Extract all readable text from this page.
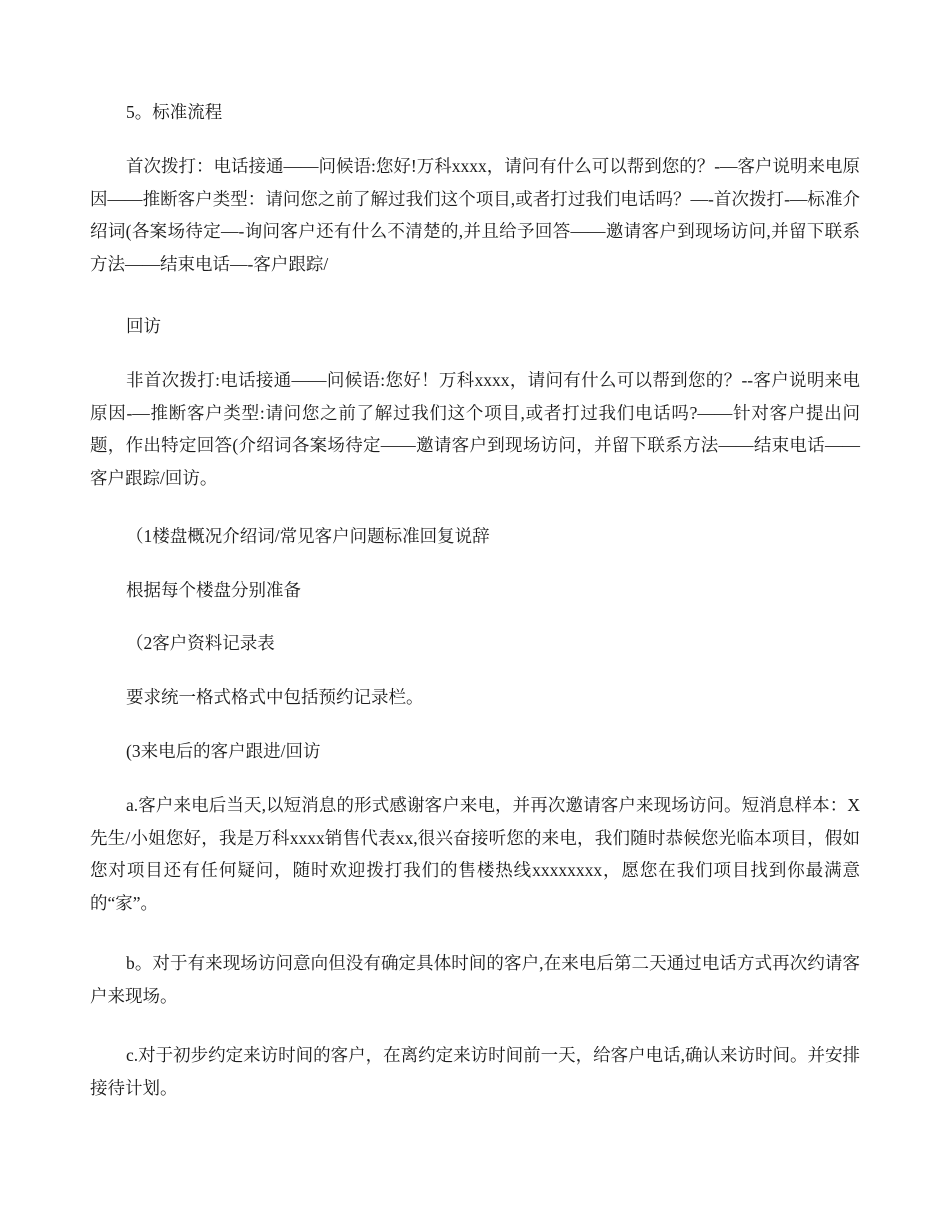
5。标准流程

首次拨打：电话接通——问候语:您好!万科xxxx，请问有什么可以帮到您的？-—客户说明来电原因——推断客户类型：请问您之前了解过我们这个项目,或者打过我们电话吗？—-首次拨打-—标准介绍词(各案场待定—-询问客户还有什么不清楚的,并且给予回答——邀请客户到现场访问,并留下联系方法——结束电话—-客户跟踪/

回访

非首次拨打:电话接通——问候语:您好！万科xxxx，请问有什么可以帮到您的？--客户说明来电原因-—推断客户类型:请问您之前了解过我们这个项目,或者打过我们电话吗?——针对客户提出问题，作出特定回答(介绍词各案场待定——邀请客户到现场访问，并留下联系方法——结束电话——客户跟踪/回访。

（1楼盘概况介绍词/常见客户问题标准回复说辞

根据每个楼盘分别准备

（2客户资料记录表

要求统一格式格式中包括预约记录栏。

(3来电后的客户跟进/回访

a.客户来电后当天,以短消息的形式感谢客户来电，并再次邀请客户来现场访问。短消息样本：X先生/小姐您好，我是万科xxxx销售代表xx,很兴奋接听您的来电，我们随时恭候您光临本项目，假如您对项目还有任何疑问，随时欢迎拨打我们的售楼热线xxxxxxxx，愿您在我们项目找到你最满意的“家”。

b。对于有来现场访问意向但没有确定具体时间的客户,在来电后第二天通过电话方式再次约请客户来现场。

c.对于初步约定来访时间的客户，在离约定来访时间前一天，给客户电话,确认来访时间。并安排接待计划。
